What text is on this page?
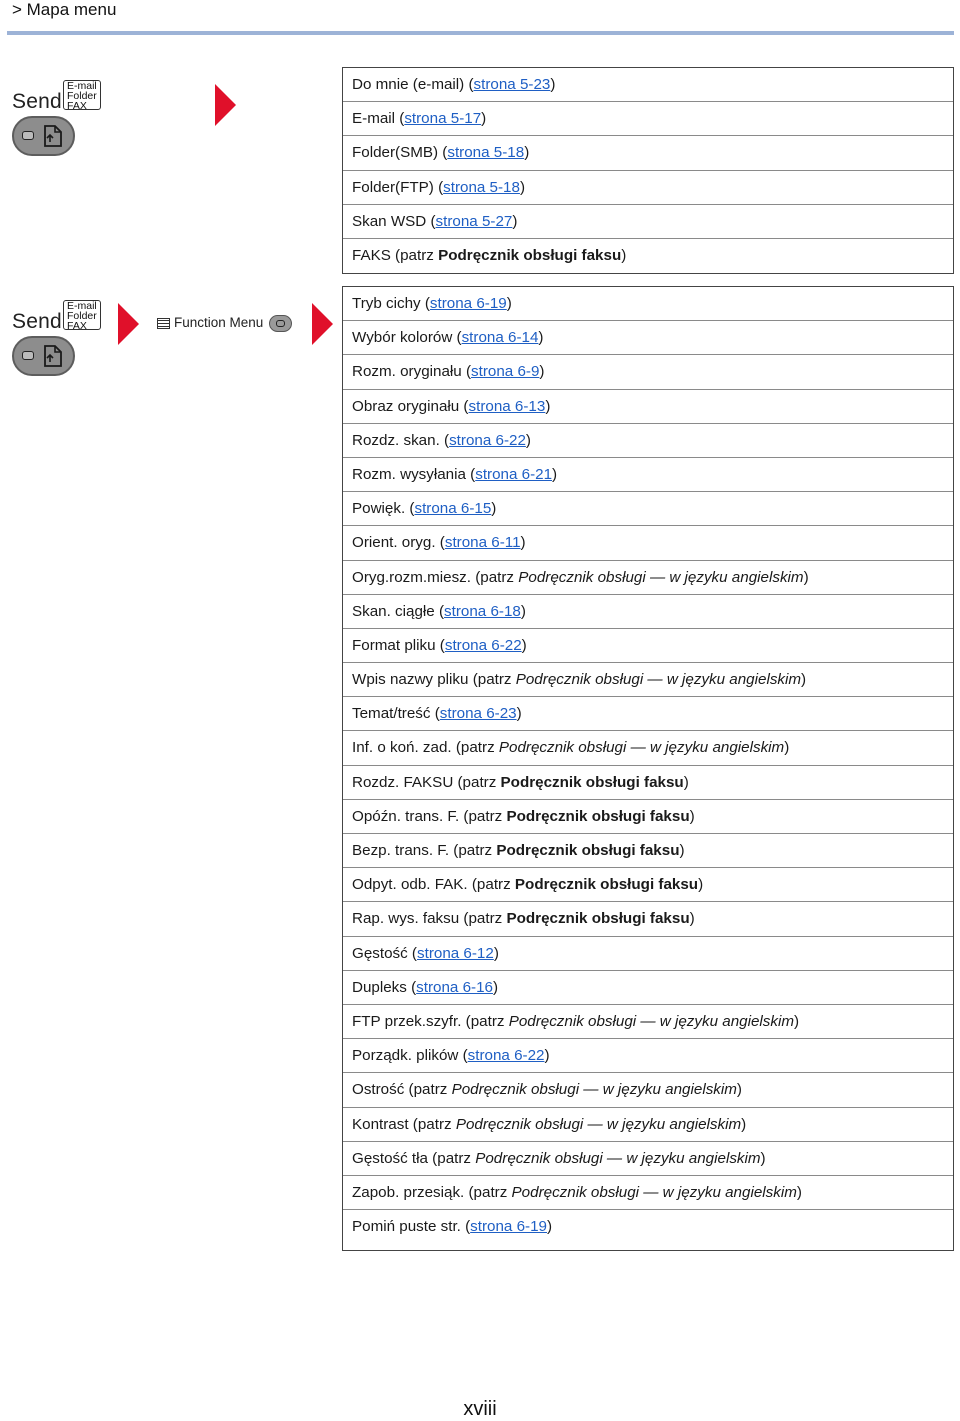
> Mapa menu
Send
E-mail
Folder
FAX
Send
E-mail
Folder
FAX	Function Menu
Do mnie (e-mail) (strona 5-23)
E-mail (strona 5-17)
Folder(SMB) (strona 5-18)
Folder(FTP) (strona 5-18)
Skan WSD (strona 5-27)
FAKS (patrz Podręcznik obsługi faksu)
Tryb cichy (strona 6-19)
Wybór kolorów (strona 6-14)
Rozm. oryginału (strona 6-9)
Obraz oryginału (strona 6-13)
Rozdz. skan. (strona 6-22)
Rozm. wysyłania (strona 6-21)
Powięk. (strona 6-15)
Orient. oryg. (strona 6-11)
Oryg.rozm.miesz. (patrz Podręcznik obsługi — w języku angielskim)
Skan. ciągłe (strona 6-18)
Format pliku (strona 6-22)
Wpis nazwy pliku (patrz Podręcznik obsługi — w języku angielskim)
Temat/treść (strona 6-23)
Inf. o koń. zad. (patrz Podręcznik obsługi — w języku angielskim)
Rozdz. FAKSU (patrz Podręcznik obsługi faksu)
Opóźn. trans. F. (patrz Podręcznik obsługi faksu)
Bezp. trans. F. (patrz Podręcznik obsługi faksu)
Odpyt. odb. FAK. (patrz Podręcznik obsługi faksu)
Rap. wys. faksu (patrz Podręcznik obsługi faksu)
Gęstość (strona 6-12)
Dupleks (strona 6-16)
FTP przek.szyfr. (patrz Podręcznik obsługi — w języku angielskim)
Porządk. plików (strona 6-22)
Ostrość (patrz Podręcznik obsługi — w języku angielskim)
Kontrast (patrz Podręcznik obsługi — w języku angielskim)
Gęstość tła (patrz Podręcznik obsługi — w języku angielskim)
Zapob. przesiąk. (patrz Podręcznik obsługi — w języku angielskim)
Pomiń puste str. (strona 6-19)
xviii
